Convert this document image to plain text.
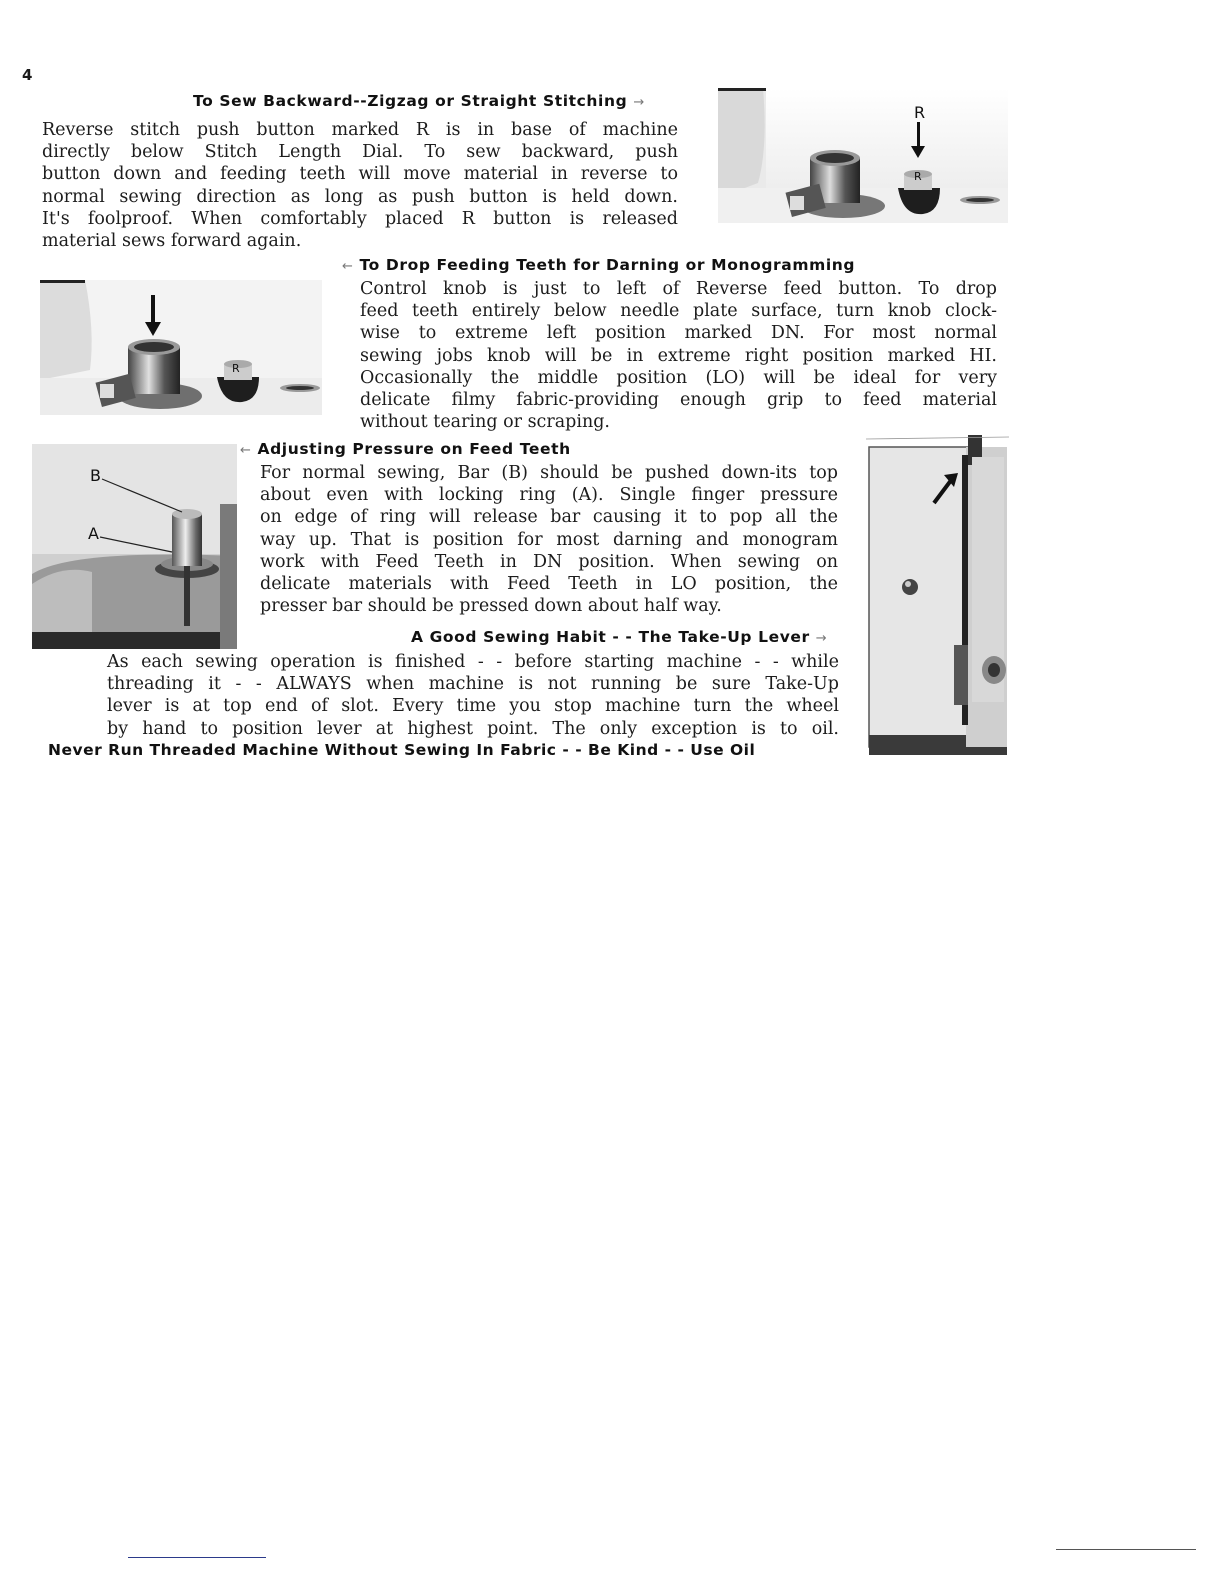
4
To Sew Backward--Zigzag or Straight Stitching →
Reverse stitch push button marked R is in base of machine
directly below Stitch Length Dial. To sew backward, push
button down and feeding teeth will move material in reverse to
normal sewing direction as long as push button is held down.
It's foolproof. When comfortably placed R button is released
material sews forward again.
R
R
← To Drop Feeding Teeth for Darning or Monogramming
Control knob is just to left of Reverse feed button. To drop
feed teeth entirely below needle plate surface, turn knob clock-
wise to extreme left position marked DN. For most normal
sewing jobs knob will be in extreme right position marked HI.
Occasionally the middle position (LO) will be ideal for very
delicate filmy fabric-providing enough grip to feed material
without tearing or scraping.
R
← Adjusting Pressure on Feed Teeth
For normal sewing, Bar (B) should be pushed down-its top
about even with locking ring (A). Single finger pressure
on edge of ring will release bar causing it to pop all the
way up. That is position for most darning and monogram
work with Feed Teeth in DN position. When sewing on
delicate materials with Feed Teeth in LO position, the
presser bar should be pressed down about half way.
B
A
A Good Sewing Habit - - The Take-Up Lever →
As each sewing operation is finished - - before starting machine - - while
threading it - - ALWAYS when machine is not running be sure Take-Up
lever is at top end of slot. Every time you stop machine turn the wheel
by hand to position lever at highest point. The only exception is to oil.
Never Run Threaded Machine Without Sewing In Fabric - - Be Kind - - Use Oil
